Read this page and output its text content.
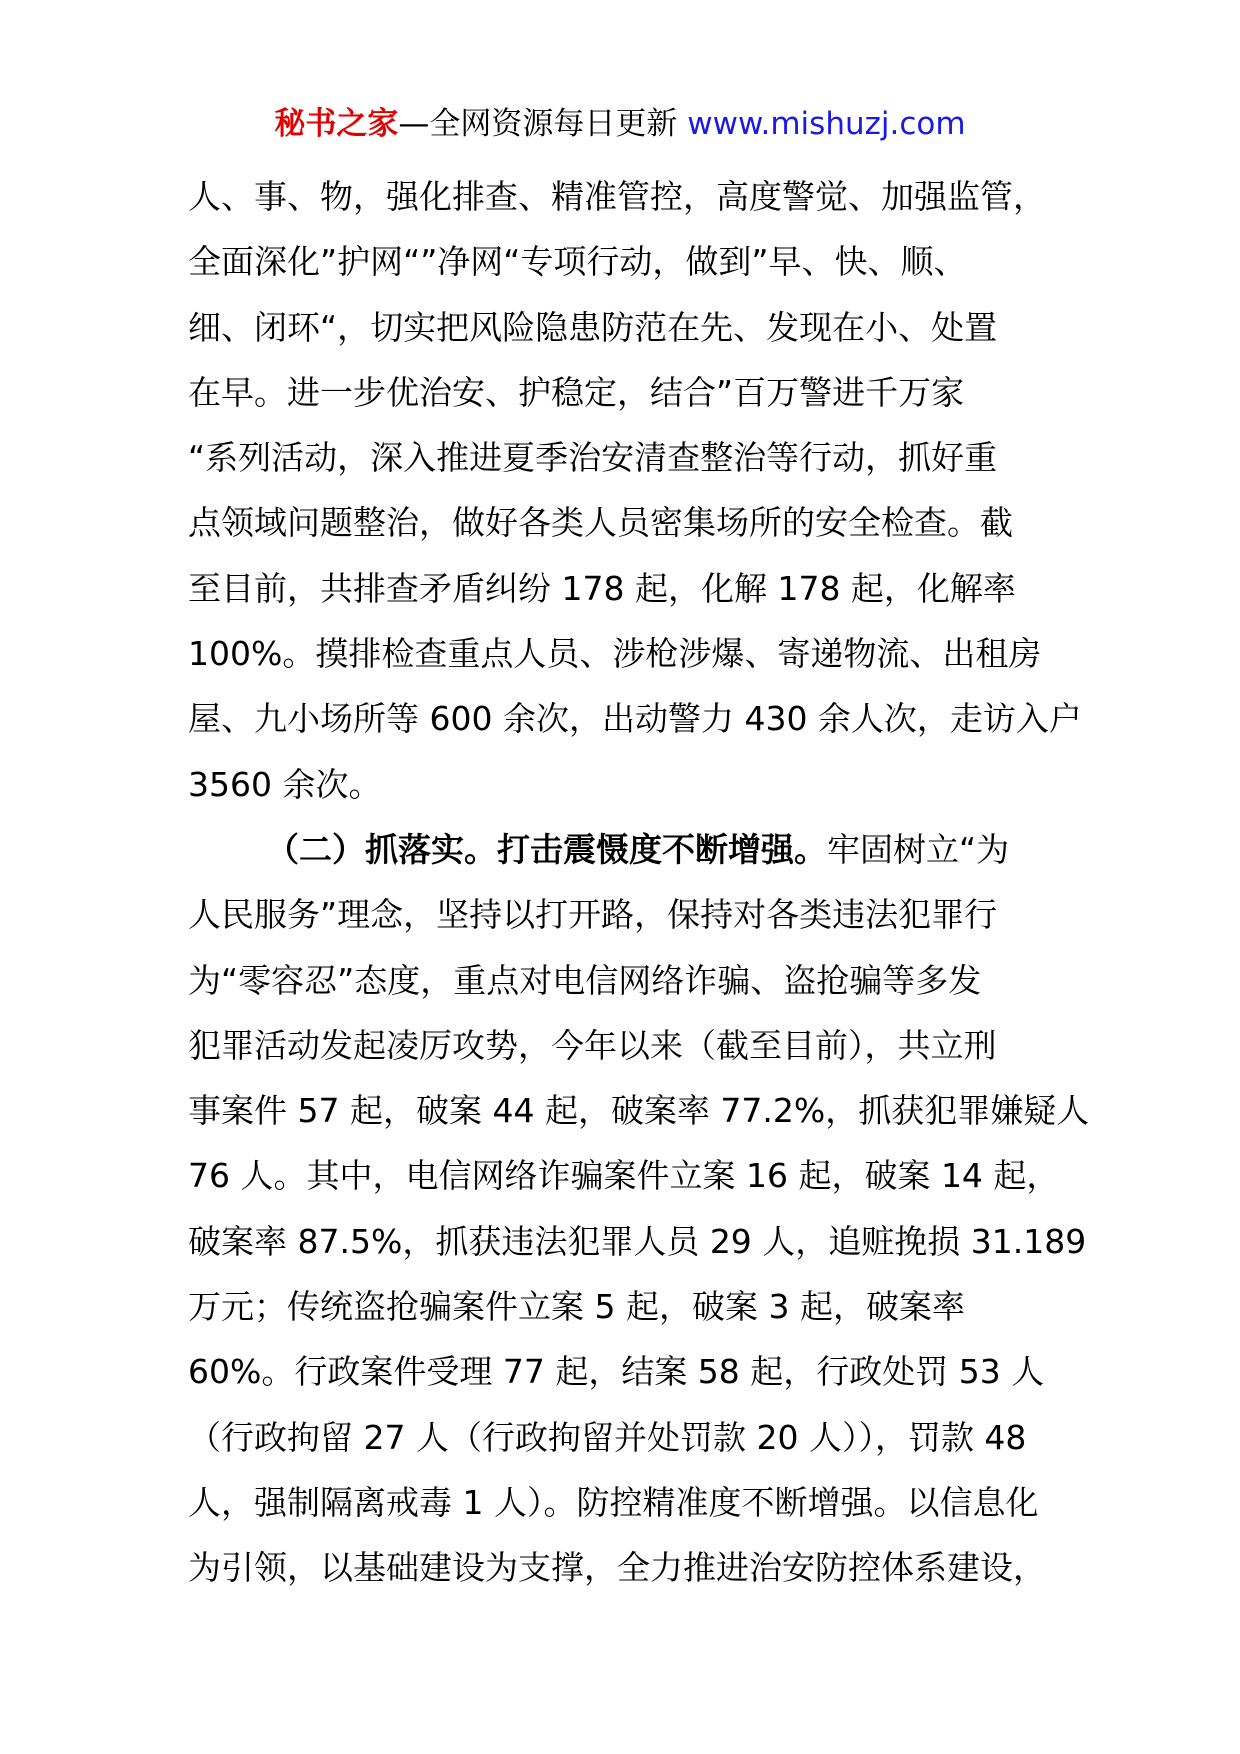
秘书之家—全网资源每日更新 www.mishuzj.com
人、事、物，强化排查、精准管控，高度警觉、加强监管，
全面深化”护网“”净网“专项行动，做到”早、快、顺、
细、闭环“，切实把风险隐患防范在先、发现在小、处置
在早。进一步优治安、护稳定，结合”百万警进千万家
“系列活动，深入推进夏季治安清查整治等行动，抓好重
点领域问题整治，做好各类人员密集场所的安全检查。截
至目前，共排查矛盾纠纷 178 起，化解 178 起，化解率
100%。摸排检查重点人员、涉枪涉爆、寄递物流、出租房
屋、九小场所等 600 余次，出动警力 430 余人次，走访入户
3560 余次。
（二）抓落实。打击震慑度不断增强。牢固树立“为
人民服务”理念，坚持以打开路，保持对各类违法犯罪行
为“零容忍”态度，重点对电信网络诈骗、盗抢骗等多发
犯罪活动发起凌厉攻势，今年以来（截至目前），共立刑
事案件 57 起，破案 44 起，破案率 77.2%，抓获犯罪嫌疑人
76 人。其中，电信网络诈骗案件立案 16 起，破案 14 起，
破案率 87.5%，抓获违法犯罪人员 29 人，追赃挽损 31.189
万元；传统盗抢骗案件立案 5 起，破案 3 起，破案率
60%。行政案件受理 77 起，结案 58 起，行政处罚 53 人
（行政拘留 27 人（行政拘留并处罚款 20 人）），罚款 48
人，强制隔离戒毒 1 人）。防控精准度不断增强。以信息化
为引领，以基础建设为支撑，全力推进治安防控体系建设，
